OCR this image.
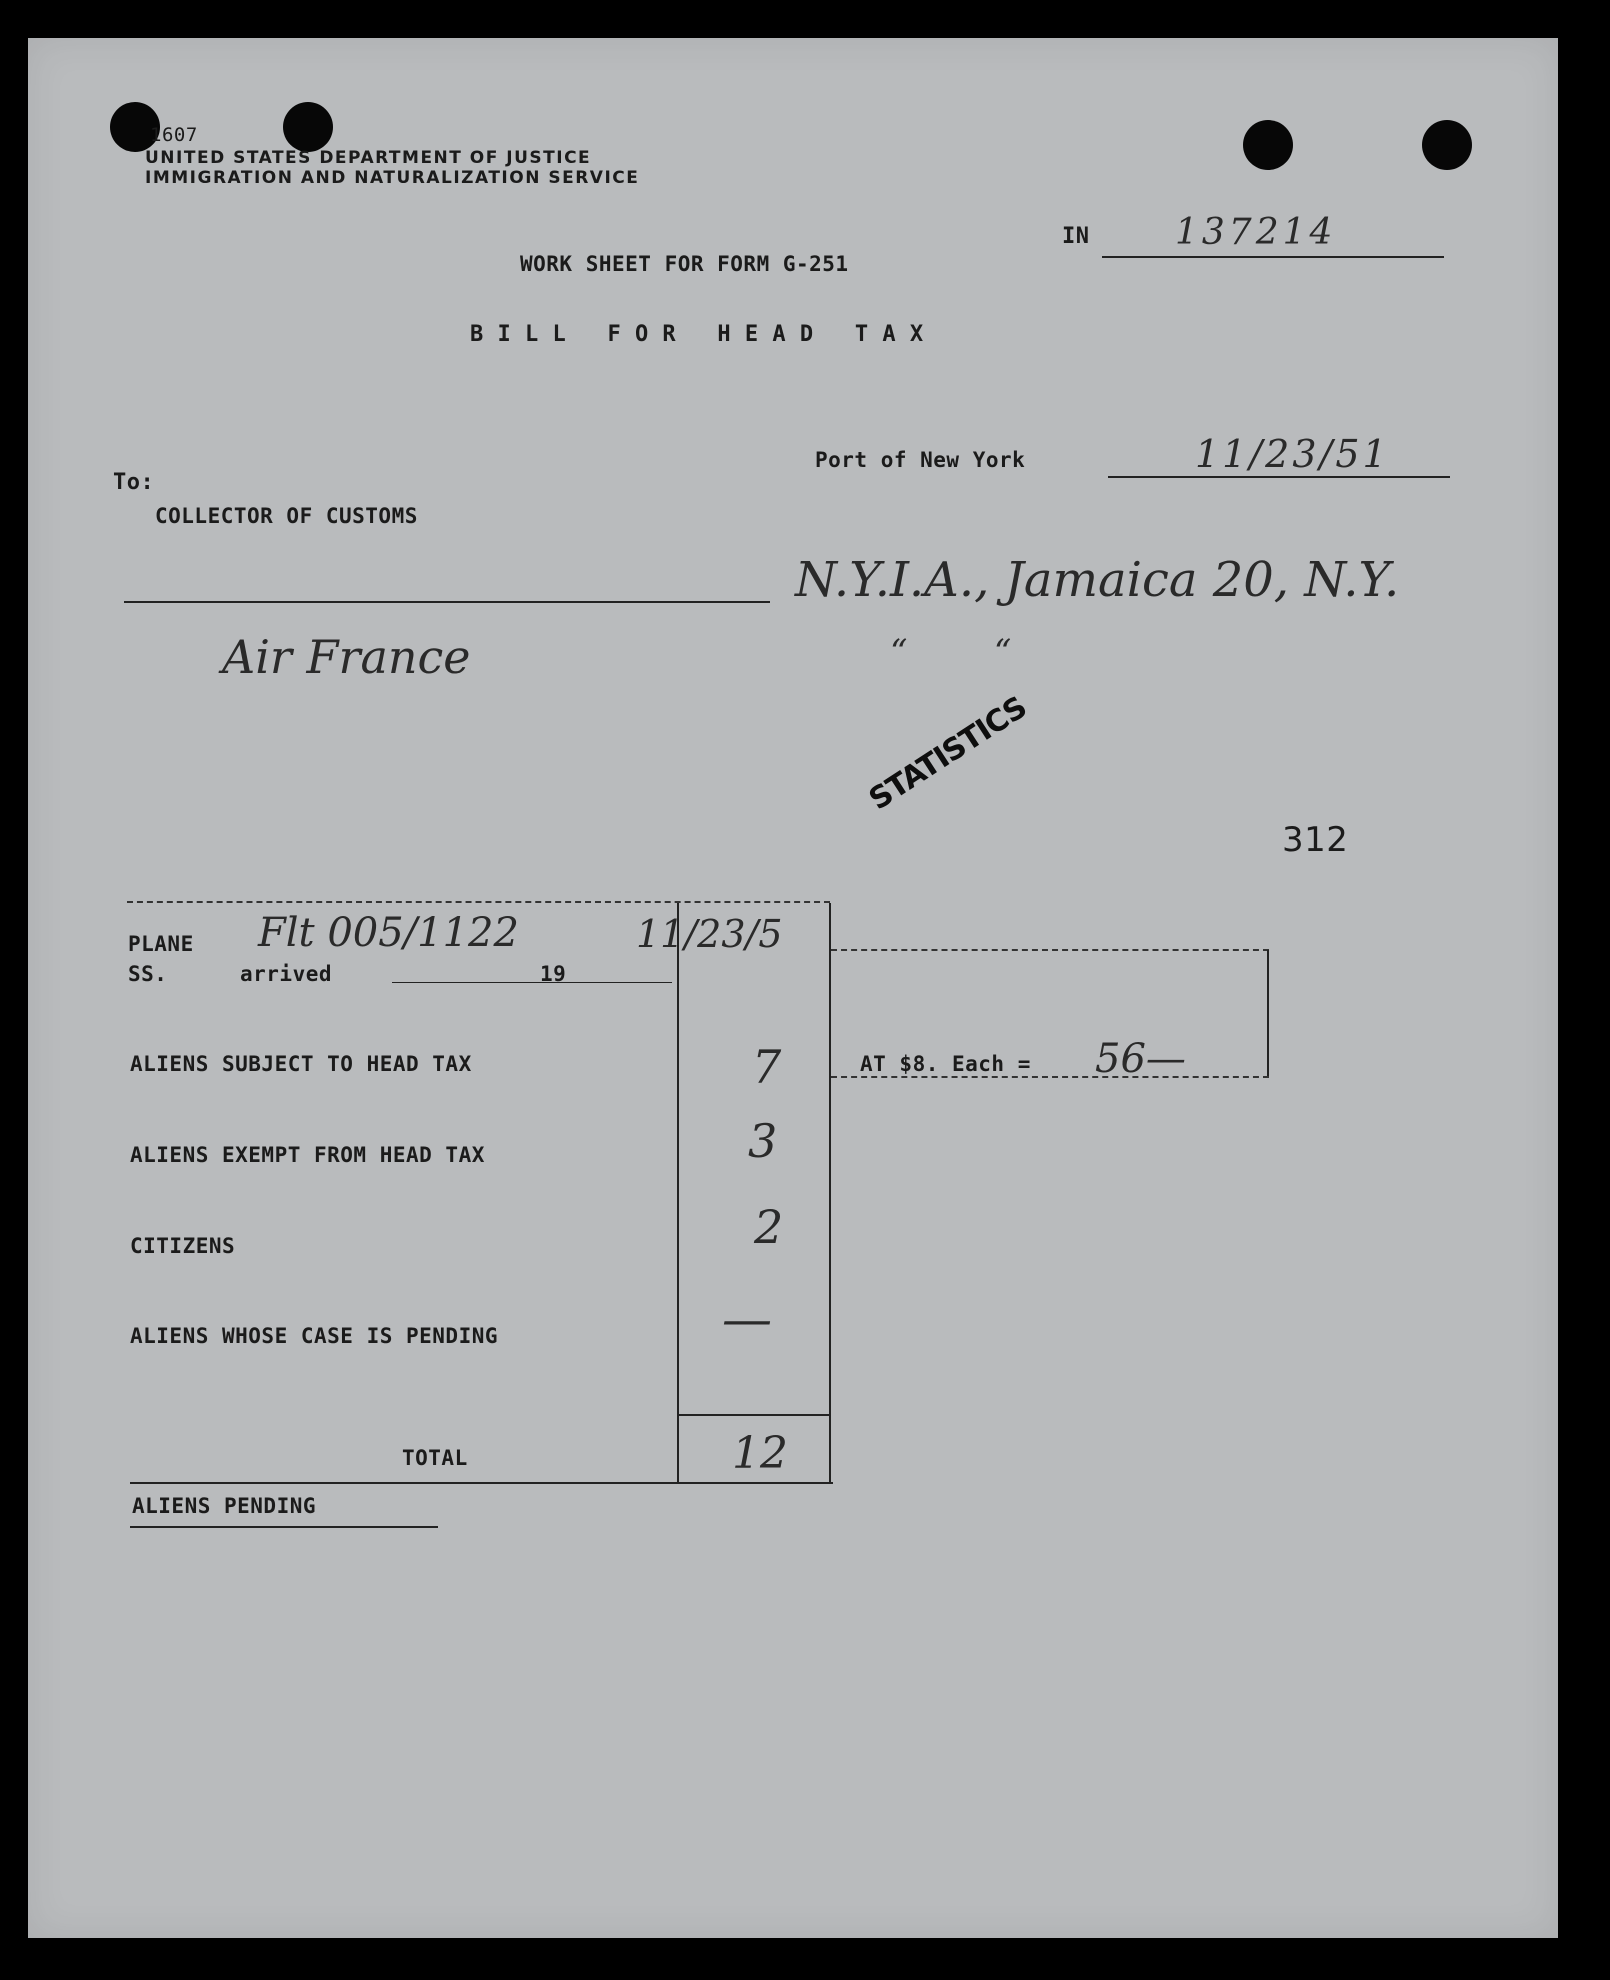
1607
UNITED STATES DEPARTMENT OF JUSTICE
IMMIGRATION AND NATURALIZATION SERVICE
IN 137214
WORK SHEET FOR FORM G-251
B I L L   F O R   H E A D   T A X
Port of New York	11/23/51
To:
COLLECTOR OF CUSTOMS
N.Y.I.A., Jamaica 20, N.Y.
“        “
Air France
STATISTICS
312
PLANE
SS.	arrived	19
Flt 005/1122	11/23/5
ALIENS SUBJECT TO HEAD TAX	7	AT $8. Each = 56—
ALIENS EXEMPT FROM HEAD TAX	3
CITIZENS	2
ALIENS WHOSE CASE IS PENDING	—
TOTAL	12
ALIENS PENDING
